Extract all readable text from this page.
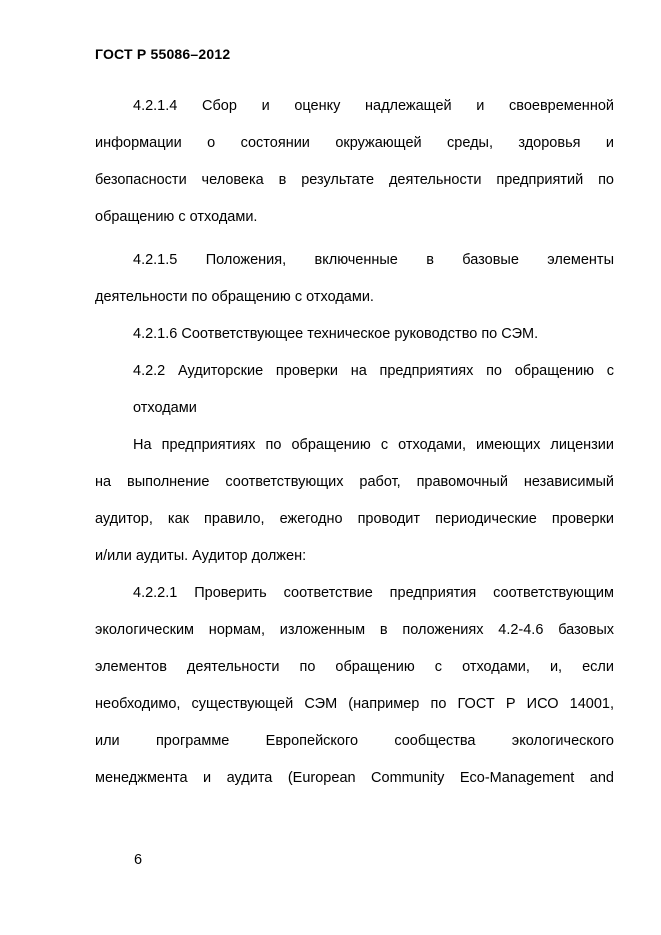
ГОСТ Р 55086–2012
4.2.1.4 Сбор и оценку надлежащей и своевременной
информации о состоянии окружающей среды, здоровья и
безопасности человека в результате деятельности предприятий по
обращению с отходами.
4.2.1.5 Положения, включенные в базовые элементы
деятельности по обращению с отходами.
4.2.1.6 Соответствующее техническое руководство по СЭМ.
4.2.2 Аудиторские проверки на предприятиях по обращению с
отходами
На предприятиях по обращению с отходами, имеющих лицензии
на выполнение соответствующих работ, правомочный независимый
аудитор, как правило, ежегодно проводит периодические проверки
и/или аудиты. Аудитор должен:
4.2.2.1 Проверить соответствие предприятия соответствующим
экологическим нормам, изложенным в положениях 4.2-4.6 базовых
элементов деятельности по обращению с отходами, и, если
необходимо, существующей СЭМ (например по ГОСТ Р ИСО 14001,
или программе Европейского сообщества экологического
менеджмента и аудита (European Community Eco-Management and
6
